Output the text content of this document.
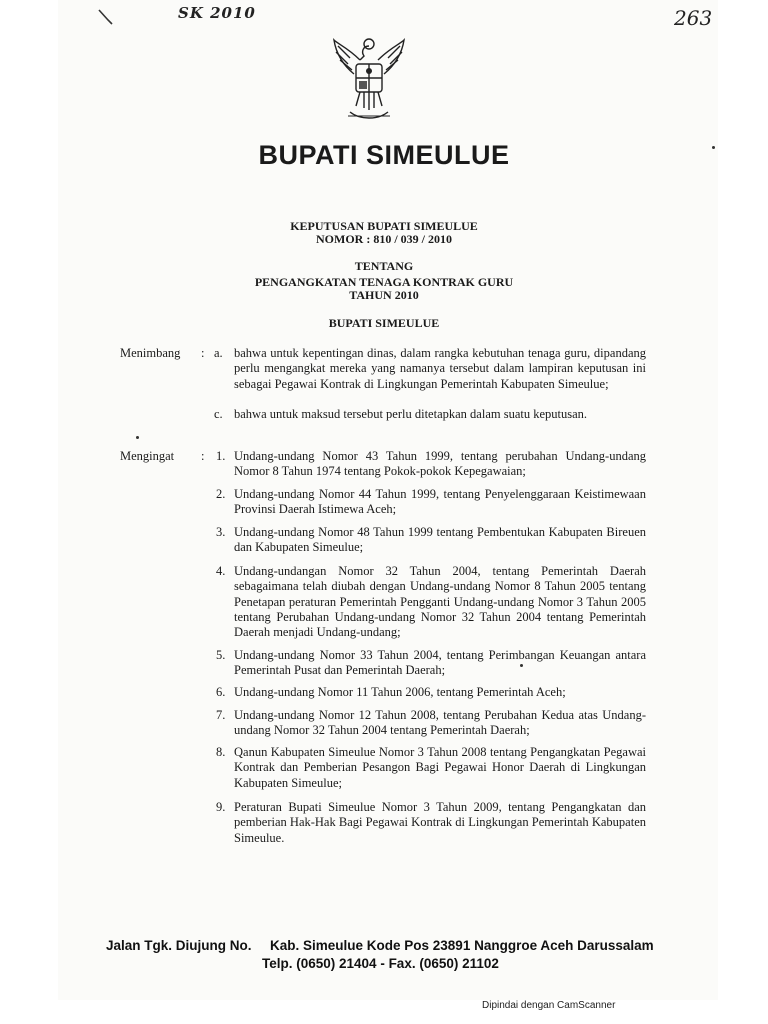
SK 2010	263
BUPATI SIMEULUE
KEPUTUSAN BUPATI SIMEULUE
NOMOR : 810 / 039 / 2010
TENTANG
PENGANGKATAN TENAGA KONTRAK GURU
TAHUN 2010
BUPATI SIMEULUE
Menimbang : a. bahwa untuk kepentingan dinas, dalam rangka kebutuhan tenaga guru, dipandang perlu mengangkat mereka yang namanya tersebut dalam lampiran keputusan ini sebagai Pegawai Kontrak di Lingkungan Pemerintah Kabupaten Simeulue;
c. bahwa untuk maksud tersebut perlu ditetapkan dalam suatu keputusan.
Mengingat : 1. Undang-undang Nomor 43 Tahun 1999, tentang perubahan Undang-undang Nomor 8 Tahun 1974 tentang Pokok-pokok Kepegawaian;
2. Undang-undang Nomor 44 Tahun 1999, tentang Penyelenggaraan Keistimewaan Provinsi Daerah Istimewa Aceh;
3. Undang-undang Nomor 48 Tahun 1999 tentang Pembentukan Kabupaten Bireuen dan Kabupaten Simeulue;
4. Undang-undangan Nomor 32 Tahun 2004, tentang Pemerintah Daerah sebagaimana telah diubah dengan Undang-undang Nomor 8 Tahun 2005 tentang Penetapan peraturan Pemerintah Pengganti Undang-undang Nomor 3 Tahun 2005 tentang Perubahan Undang-undang Nomor 32 Tahun 2004 tentang Pemerintah Daerah menjadi Undang-undang;
5. Undang-undang Nomor 33 Tahun 2004, tentang Perimbangan Keuangan antara Pemerintah Pusat dan Pemerintah Daerah;
6. Undang-undang Nomor 11 Tahun 2006, tentang Pemerintah Aceh;
7. Undang-undang Nomor 12 Tahun 2008, tentang Perubahan Kedua atas Undang-undang Nomor 32 Tahun 2004 tentang Pemerintah Daerah;
8. Qanun Kabupaten Simeulue Nomor 3 Tahun 2008 tentang Pengangkatan Pegawai Kontrak dan Pemberian Pesangon Bagi Pegawai Honor Daerah di Lingkungan Kabupaten Simeulue;
9. Peraturan Bupati Simeulue Nomor 3 Tahun 2009, tentang Pengangkatan dan pemberian Hak-Hak Bagi Pegawai Kontrak di Lingkungan Pemerintah Kabupaten Simeulue.
Jalan Tgk. Diujung No. Kab. Simeulue Kode Pos 23891 Nanggroe Aceh Darussalam
Telp. (0650) 21404 - Fax. (0650) 21102
Dipindai dengan CamScanner
